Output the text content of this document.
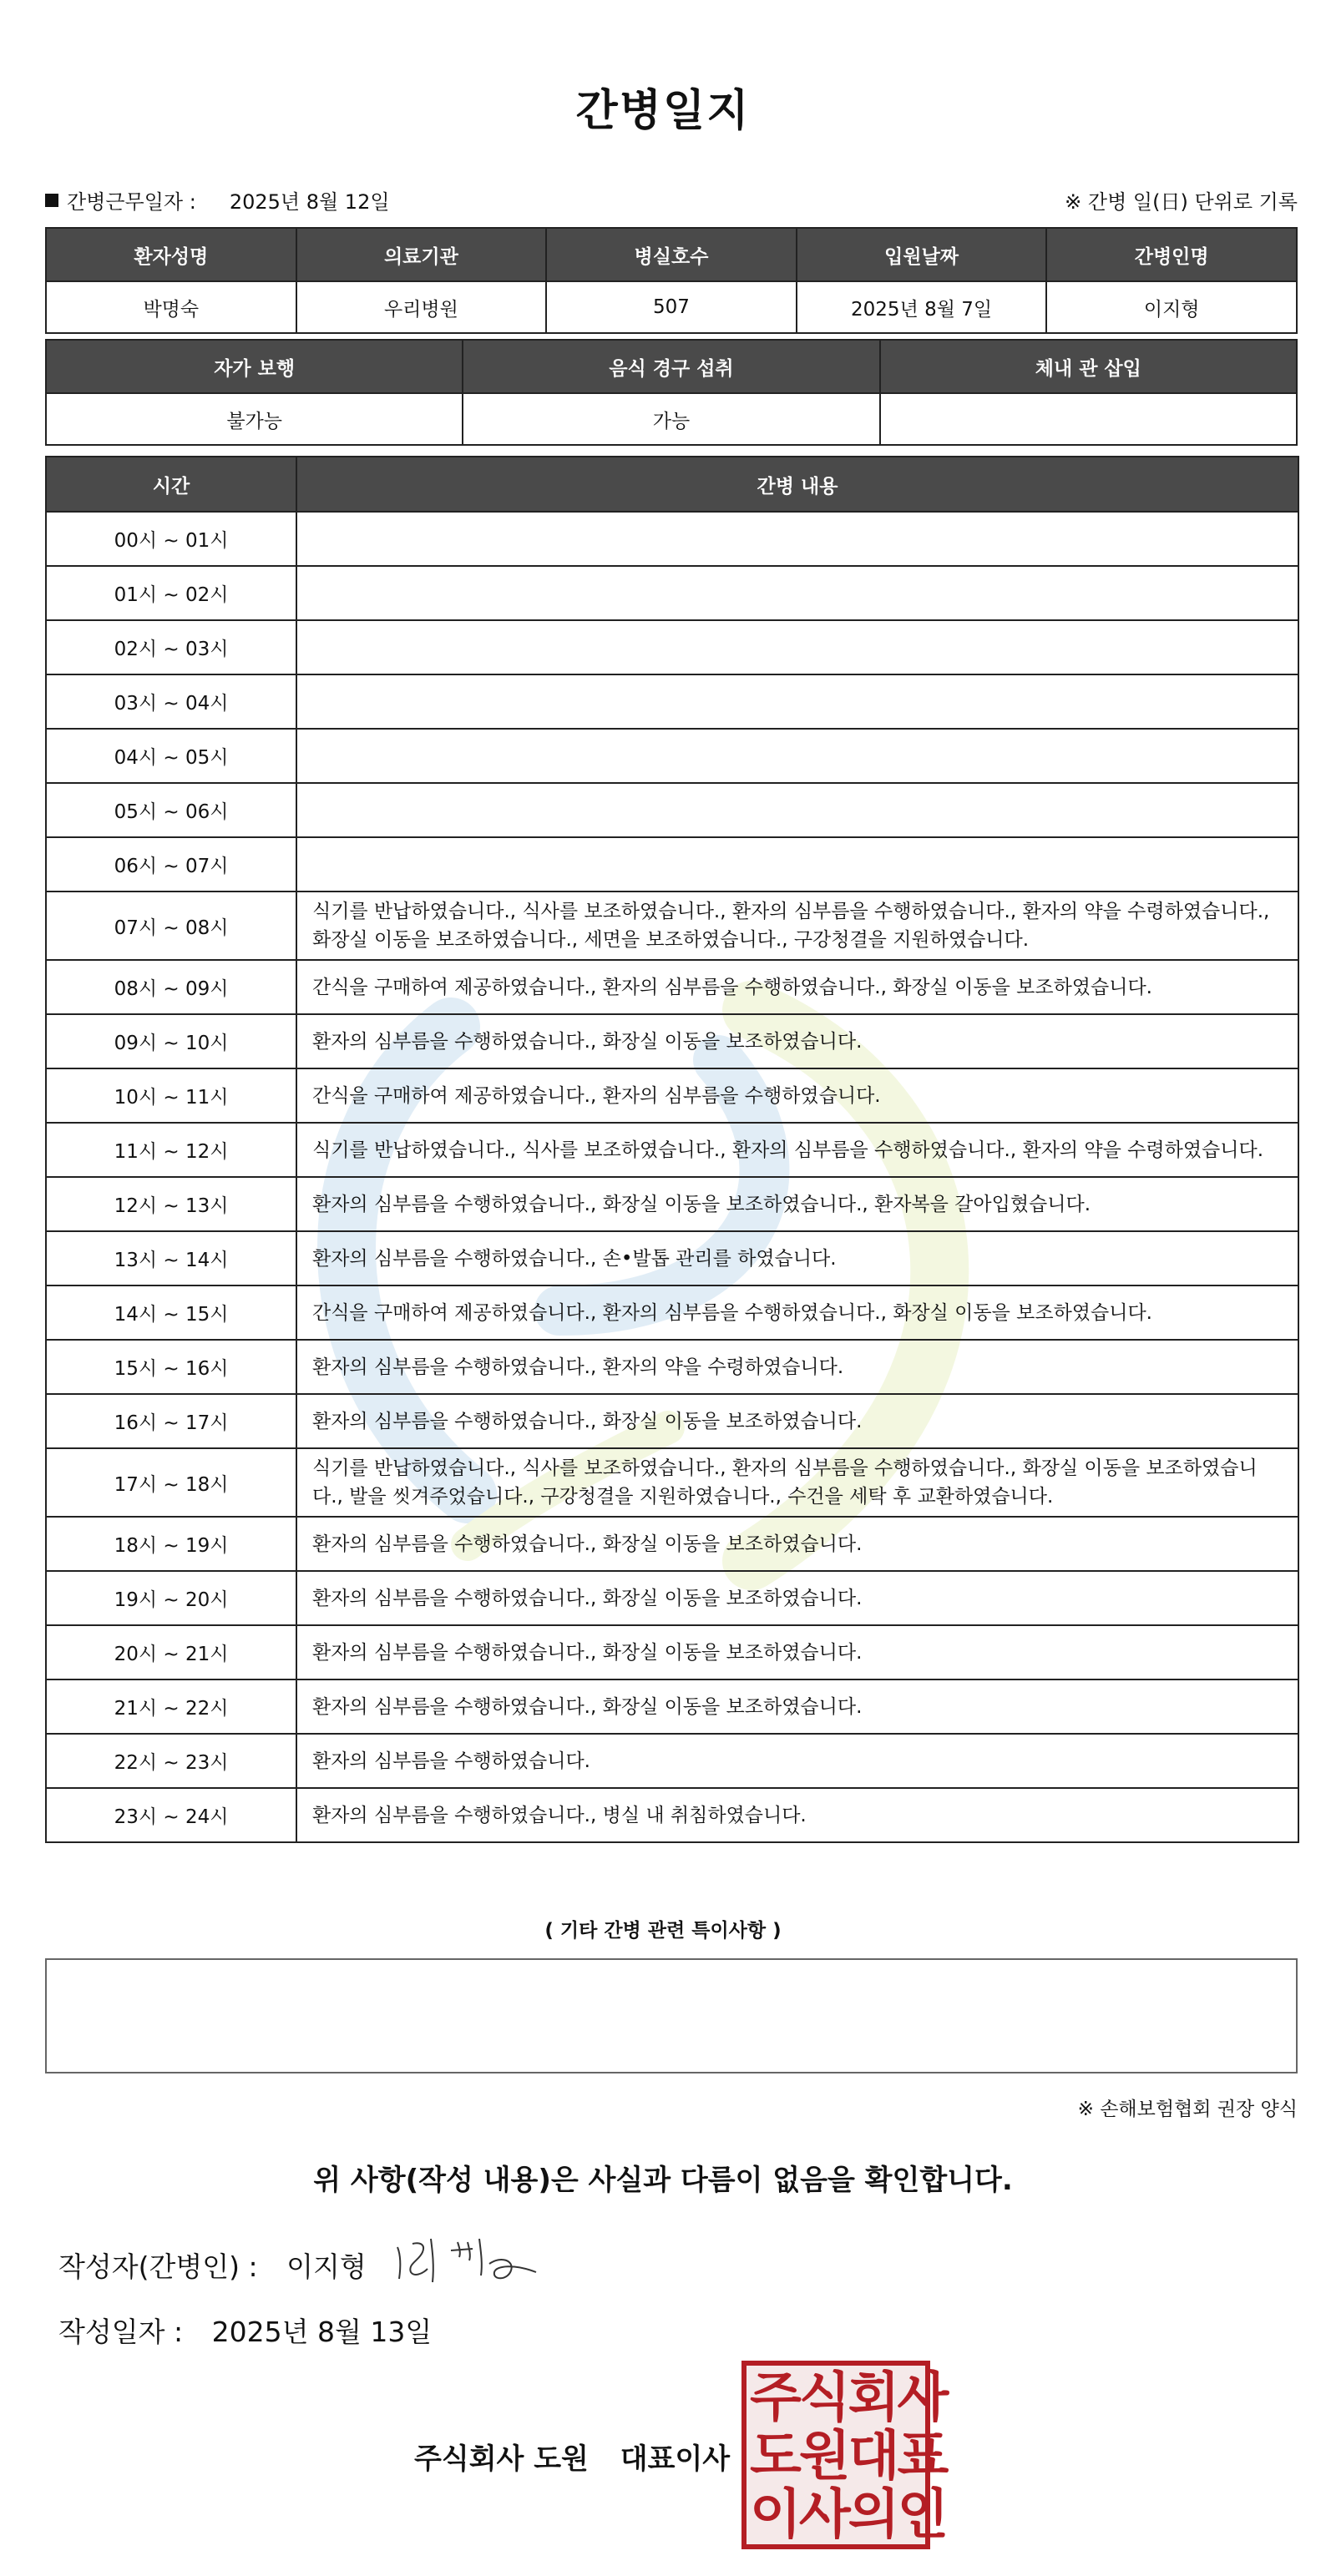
간병일지
간병근무일자 : 2025년 8월 12일	※ 간병 일(日) 단위로 기록
환자성명	의료기관	병실호수	입원날짜	간병인명
박명숙	우리병원	507	2025년 8월 7일	이지형
자가 보행	음식 경구 섭취	체내 관 삽입
불가능	가능	
시간	간병 내용
00시 ~ 01시	
01시 ~ 02시	
02시 ~ 03시	
03시 ~ 04시	
04시 ~ 05시	
05시 ~ 06시	
06시 ~ 07시	
07시 ~ 08시	식기를 반납하였습니다., 식사를 보조하였습니다., 환자의 심부름을 수행하였습니다., 환자의 약을 수령하였습니다., 화장실 이동을 보조하였습니다., 세면을 보조하였습니다., 구강청결을 지원하였습니다.
08시 ~ 09시	간식을 구매하여 제공하였습니다., 환자의 심부름을 수행하였습니다., 화장실 이동을 보조하였습니다.
09시 ~ 10시	환자의 심부름을 수행하였습니다., 화장실 이동을 보조하였습니다.
10시 ~ 11시	간식을 구매하여 제공하였습니다., 환자의 심부름을 수행하였습니다.
11시 ~ 12시	식기를 반납하였습니다., 식사를 보조하였습니다., 환자의 심부름을 수행하였습니다., 환자의 약을 수령하였습니다.
12시 ~ 13시	환자의 심부름을 수행하였습니다., 화장실 이동을 보조하였습니다., 환자복을 갈아입혔습니다.
13시 ~ 14시	환자의 심부름을 수행하였습니다., 손•발톱 관리를 하였습니다.
14시 ~ 15시	간식을 구매하여 제공하였습니다., 환자의 심부름을 수행하였습니다., 화장실 이동을 보조하였습니다.
15시 ~ 16시	환자의 심부름을 수행하였습니다., 환자의 약을 수령하였습니다.
16시 ~ 17시	환자의 심부름을 수행하였습니다., 화장실 이동을 보조하였습니다.
17시 ~ 18시	식기를 반납하였습니다., 식사를 보조하였습니다., 환자의 심부름을 수행하였습니다., 화장실 이동을 보조하였습니다., 발을 씻겨주었습니다., 구강청결을 지원하였습니다., 수건을 세탁 후 교환하였습니다.
18시 ~ 19시	환자의 심부름을 수행하였습니다., 화장실 이동을 보조하였습니다.
19시 ~ 20시	환자의 심부름을 수행하였습니다., 화장실 이동을 보조하였습니다.
20시 ~ 21시	환자의 심부름을 수행하였습니다., 화장실 이동을 보조하였습니다.
21시 ~ 22시	환자의 심부름을 수행하였습니다., 화장실 이동을 보조하였습니다.
22시 ~ 23시	환자의 심부름을 수행하였습니다.
23시 ~ 24시	환자의 심부름을 수행하였습니다., 병실 내 취침하였습니다.
( 기타 간병 관련 특이사항 )
※ 손해보험협회 권장 양식
위 사항(작성 내용)은 사실과 다름이 없음을 확인합니다.
작성자(간병인) : 이지형
작성일자 : 2025년 8월 13일
주식회사 도원 대표이사
주식회사
도원대표
이사의인
